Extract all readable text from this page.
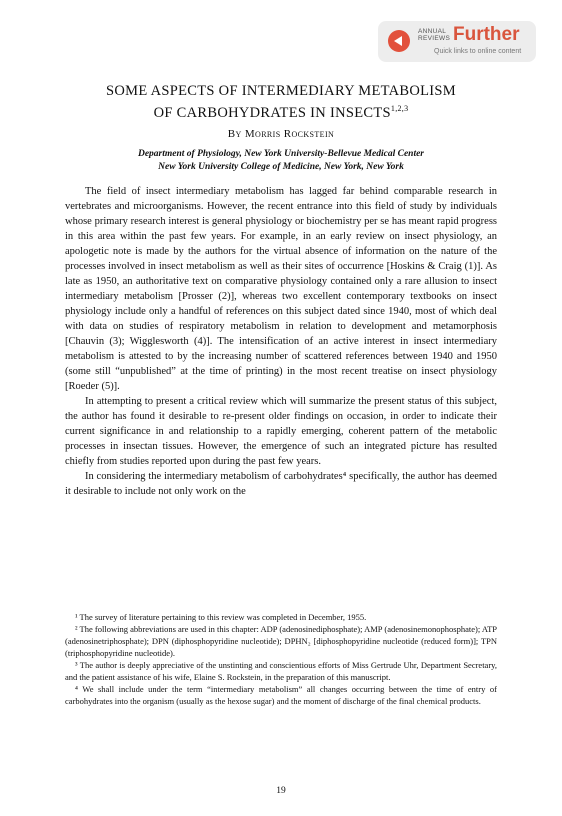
ANNUAL
REVIEWS Further
Quick links to online content
SOME ASPECTS OF INTERMEDIARY METABOLISM
OF CARBOHYDRATES IN INSECTS$^{1,2,3}$
By Morris Rockstein
Department of Physiology, New York University-Bellevue Medical Center
New York University College of Medicine, New York, New York

The field of insect intermediary metabolism has lagged far behind comparable research in vertebrates and microorganisms. However, the recent entrance into this field of study by individuals whose primary research interest is general physiology or biochemistry per se has meant rapid progress in this area within the past few years. For example, in an early review on insect physiology, an apologetic note is made by the authors for the virtual absence of information on the nature of the processes involved in insect metabolism as well as their sites of occurrence [Hoskins & Craig (1)]. As late as 1950, an authoritative text on comparative physiology contained only a rare allusion to insect intermediary metabolism [Prosser (2)], whereas two excellent contemporary textbooks on insect physiology include only a handful of references on this subject dated since 1940, most of which deal with data on studies of respiratory metabolism in relation to development and metamorphosis [Chauvin (3); Wigglesworth (4)]. The intensification of an active interest in insect intermediary metabolism is attested to by the increasing number of scattered references between 1940 and 1950 (some still “unpublished” at the time of printing) in the most recent treatise on insect physiology [Roeder (5)].

In attempting to present a critical review which will summarize the present status of this subject, the author has found it desirable to re-present older findings on occasion, in order to indicate their current significance in and relationship to a rapidly emerging, coherent pattern of the metabolic processes in insectan tissues. However, the emergence of such an integrated picture has resulted chiefly from studies reported upon during the past few years.

In considering the intermediary metabolism of carbohydrates⁴ specifically, the author has deemed it desirable to include not only work on the

¹ The survey of literature pertaining to this review was completed in December, 1955.

² The following abbreviations are used in this chapter: ADP (adenosinediphosphate); AMP (adenosinemonophosphate); ATP (adenosinetriphosphate); DPN (diphosphopyridine nucleotide); DPHN₂ [diphosphopyridine nucleotide (reduced form)]; TPN (triphosphopyridine nucleotide).

³ The author is deeply appreciative of the unstinting and conscientious efforts of Miss Gertrude Uhr, Department Secretary, and the patient assistance of his wife, Elaine S. Rockstein, in the preparation of this manuscript.

⁴ We shall include under the term “intermediary metabolism” all changes occurring between the time of entry of carbohydrates into the organism (usually as the hexose sugar) and the moment of discharge of the final chemical products.

19
